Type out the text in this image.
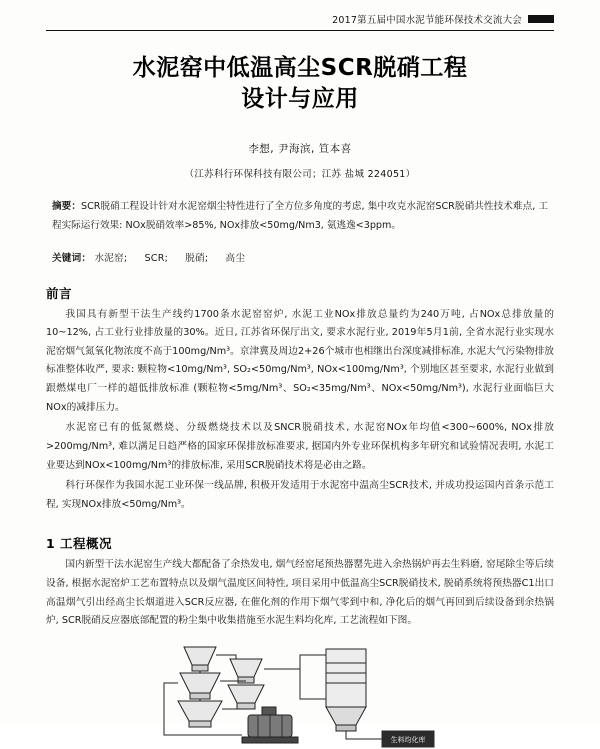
2017第五届中国水泥节能环保技术交流大会
水泥窑中低温高尘SCR脱硝工程
设计与应用
李想, 尹海滨, 笪本喜
（江苏科行环保科技有限公司；江苏 盐城 224051）
摘要：SCR脱硝工程设计针对水泥窑烟尘特性进行了全方位多角度的考虑, 集中攻克水泥窑SCR脱硝共性技术难点, 工程实际运行效果: NOx脱硝效率>85%, NOx排放<50mg/Nm3, 氨逃逸<3ppm。
关键词： 水泥窑; SCR; 脱硝; 高尘
前言

我国具有新型干法生产线约1700条水泥窑窑炉, 水泥工业NOx排放总量约为240万吨, 占NOx总排放量的10~12%, 占工业行业排放量的30%。近日, 江苏省环保厅出文, 要求水泥行业, 2019年5月1前, 全省水泥行业实现水泥窑烟气氮氧化物浓度不高于100mg/Nm³。京津冀及周边2+26个城市也相继出台深度减排标准, 水泥大气污染物排放标准整体收严, 要求: 颗粒物<10mg/Nm³, SO₂<50mg/Nm³, NOx<100mg/Nm³, 个别地区甚至要求, 水泥行业做到跟燃煤电厂一样的超低排放标准 (颗粒物<5mg/Nm³、SO₂<35mg/Nm³、NOx<50mg/Nm³), 水泥行业面临巨大NOx的减排压力。

水泥窑已有的低氮燃烧、分级燃烧技术以及SNCR脱硝技术, 水泥窑NOx年均值<300~600%, NOx排放>200mg/Nm³, 难以满足日趋严格的国家环保排放标准要求, 据国内外专业环保机构多年研究和试验情况表明, 水泥工业要达到NOx<100mg/Nm³的排放标准, 采用SCR脱硝技术将是必由之路。

科行环保作为我国水泥工业环保一线品牌, 积极开发适用于水泥窑中温高尘SCR技术, 并成功投运国内首条示范工程, 实现NOx排放<50mg/Nm³。

1 工程概况

国内新型干法水泥窑生产线大都配备了余热发电, 烟气经窑尾预热器罂先进入余热锅炉再去生料磨, 窑尾除尘等后续设备, 根据水泥窑炉工艺布置特点以及烟气温度区间特性, 项目采用中低温高尘SCR脱硝技术, 脱硝系统将预热器C1出口高温烟气引出经高尘长烟道进入SCR反应器, 在催化剂的作用下烟气零到中和, 净化后的烟气再回到后续设备到余热锅炉, SCR脱硝反应器底部配置的粉尘集中收集措施至水泥生料均化库, 工艺流程如下图。

生料均化库
